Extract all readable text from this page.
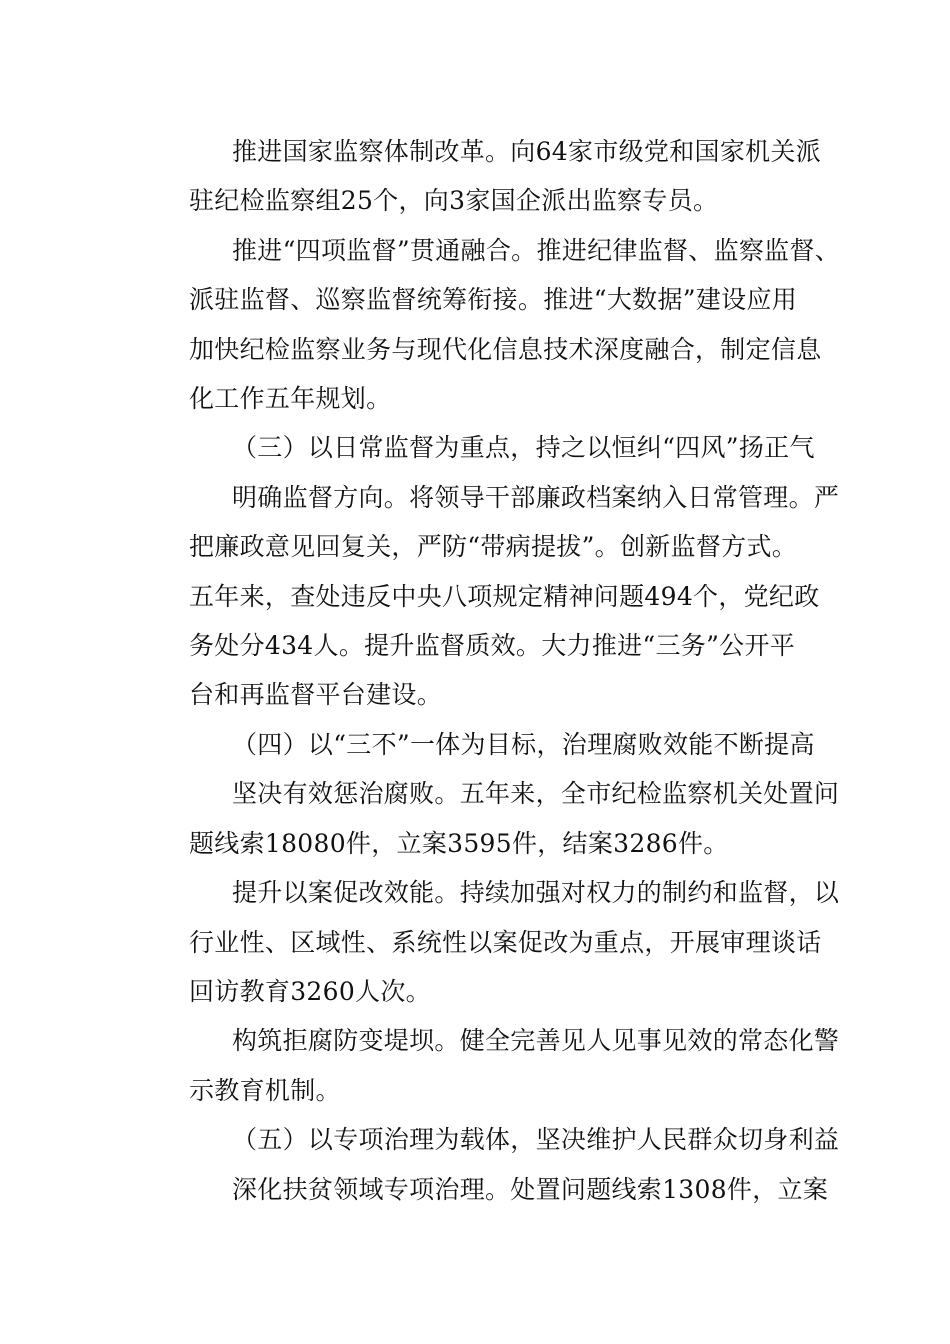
推进国家监察体制改革。向64家市级党和国家机关派
驻纪检监察组25个，向3家国企派出监察专员。

推进“四项监督”贯通融合。推进纪律监督、监察监督、
派驻监督、巡察监督统筹衔接。推进“大数据”建设应用
加快纪检监察业务与现代化信息技术深度融合，制定信息
化工作五年规划。

（三）以日常监督为重点，持之以恒纠“四风”扬正气

明确监督方向。将领导干部廉政档案纳入日常管理。严
把廉政意见回复关，严防“带病提拔”。创新监督方式。
五年来，查处违反中央八项规定精神问题494个，党纪政
务处分434人。提升监督质效。大力推进“三务”公开平
台和再监督平台建设。

（四）以“三不”一体为目标，治理腐败效能不断提高

坚决有效惩治腐败。五年来，全市纪检监察机关处置问
题线索18080件，立案3595件，结案3286件。

提升以案促改效能。持续加强对权力的制约和监督，以
行业性、区域性、系统性以案促改为重点，开展审理谈话
回访教育3260人次。

构筑拒腐防变堤坝。健全完善见人见事见效的常态化警
示教育机制。

（五）以专项治理为载体，坚决维护人民群众切身利益

深化扶贫领域专项治理。处置问题线索1308件，立案
